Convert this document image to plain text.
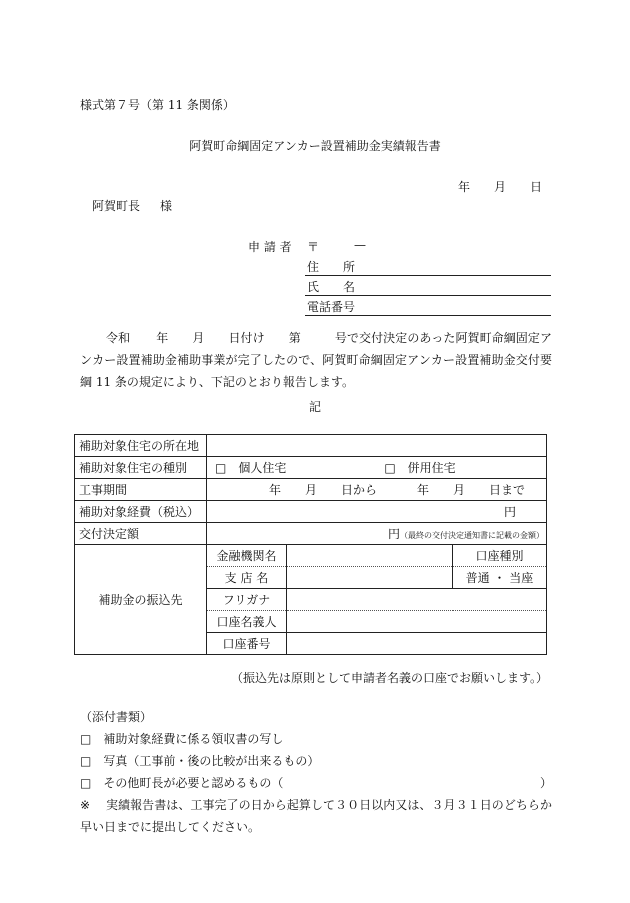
様式第７号（第 11 条関係）
阿賀町命綱固定アンカー設置補助金実績報告書
年 月 日
阿賀町長 様
申 請 者 〒	—
住　　所
氏　　名
電話番号
令和 年 月 日付け 第	号で交付決定のあった阿賀町命綱固定アンカー設置補助金補助事業が完了したので、阿賀町命綱固定アンカー設置補助金交付要綱 11 条の規定により、下記のとおり報告します。
記
補助対象住宅の所在地			
補助対象住宅の種別	□　個人住宅 □　併用住宅		
工事期間	年　　月　　日から 年　　月　　日まで		
補助対象経費（税込）	円		
交付決定額	円（最終の交付決定通知書に記載の金額）		
補助金の振込先	金融機関名		口座種別
	支 店 名		普通 ・ 当座
	フリガナ		
	口座名義人		
	口座番号		
（振込先は原則として申請者名義の口座でお願いします。）
（添付書類）
□　補助対象経費に係る領収書の写し
□　写真（工事前・後の比較が出来るもの）
□　その他町長が必要と認めるもの（	）
※	実績報告書は、工事完了の日から起算して３０日以内又は、３月３１日のどちらか早い日までに提出してください。
